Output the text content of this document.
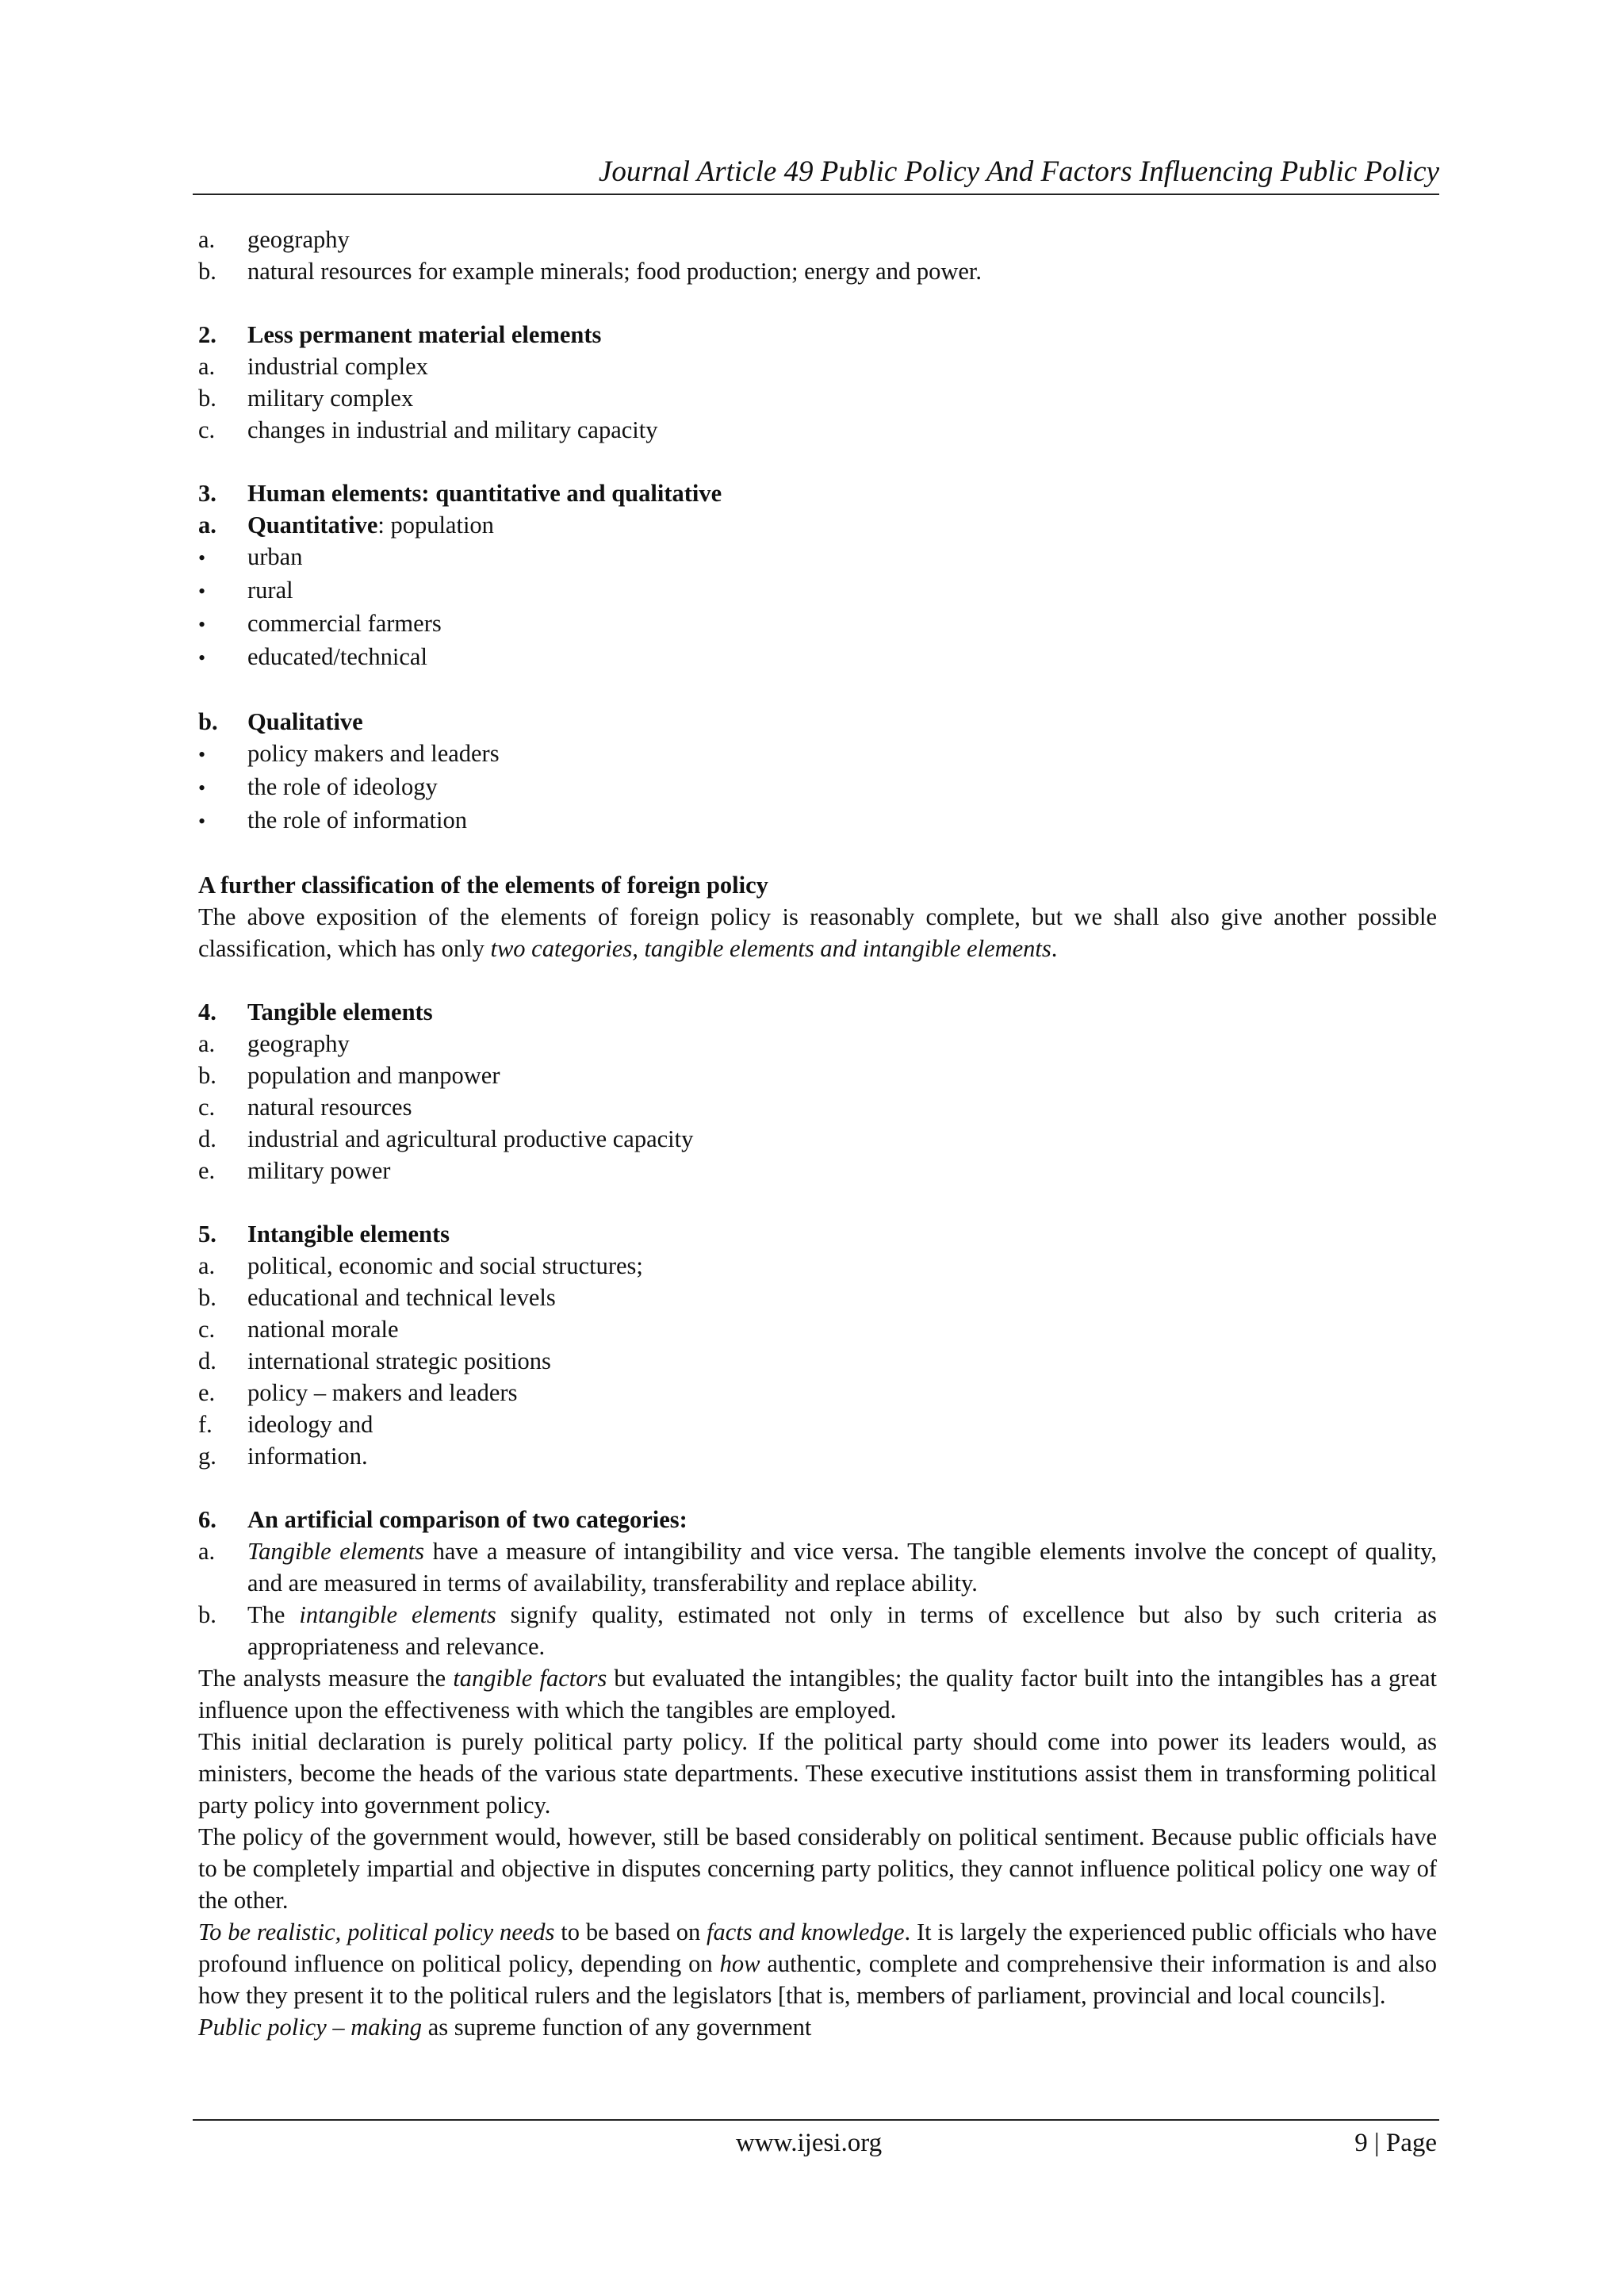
Journal Article 49 Public Policy And Factors Influencing Public Policy
a.	geography
b.	natural resources for example minerals; food production; energy and power.
2.	Less permanent material elements
a.	industrial complex
b.	military complex
c.	changes in industrial and military capacity
3.	Human elements: quantitative and qualitative
a.	Quantitative: population
•
urban
•
rural
•
commercial farmers
•
educated/technical
b.	Qualitative
•
policy makers and leaders
•
the role of ideology
•
the role of information
A further classification of the elements of foreign policy
The above exposition of the elements of foreign policy is reasonably complete, but we shall also give another possible classification, which has only two categories, tangible elements and intangible elements.
4.	Tangible elements
a.	geography
b.	population and manpower
c.	natural resources
d.	industrial and agricultural productive capacity
e.	military power
5.	Intangible elements
a.	political, economic and social structures;
b.	educational and technical levels
c.	national morale
d.	international strategic positions
e.	policy – makers and leaders
f.	ideology and
g.	information.
6.	An artificial comparison of two categories:
a.	Tangible elements have a measure of intangibility and vice versa. The tangible elements involve the concept of quality, and are measured in terms of availability, transferability and replace ability.
b.	The intangible elements signify quality, estimated not only in terms of excellence but also by such criteria as appropriateness and relevance.
The analysts measure the tangible factors but evaluated the intangibles; the quality factor built into the intangibles has a great influence upon the effectiveness with which the tangibles are employed.
This initial declaration is purely political party policy. If the political party should come into power its leaders would, as ministers, become the heads of the various state departments. These executive institutions assist them in transforming political party policy into government policy.
The policy of the government would, however, still be based considerably on political sentiment. Because public officials have to be completely impartial and objective in disputes concerning party politics, they cannot influence political policy one way of the other.
To be realistic, political policy needs to be based on facts and knowledge. It is largely the experienced public officials who have profound influence on political policy, depending on how authentic, complete and comprehensive their information is and also how they present it to the political rulers and the legislators [that is, members of parliament, provincial and local councils].
Public policy – making as supreme function of any government
www.ijesi.org	9 | Page
